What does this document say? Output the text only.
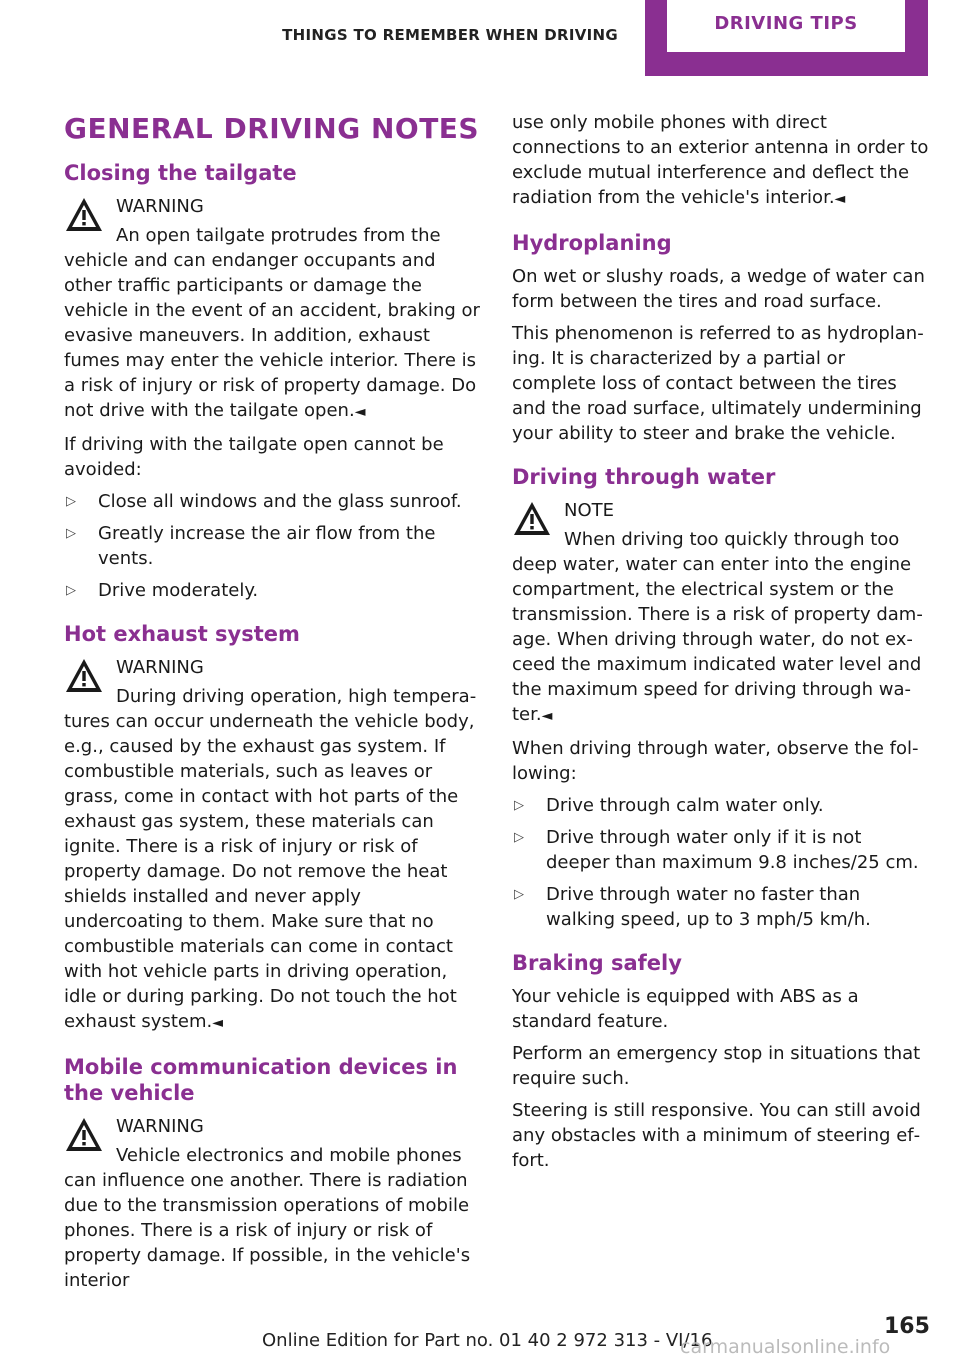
THINGS TO REMEMBER WHEN DRIVING
DRIVING TIPS
GENERAL DRIVING NOTES
Closing the tailgate
WARNING
An open tailgate protrudes from the vehicle and can endanger occupants and other traffic participants or damage the vehicle in the event of an accident, braking or evasive maneuvers. In addition, exhaust fumes may enter the vehicle interior. There is a risk of injury or risk of property damage. Do not drive with the tailgate open.◄

If driving with the tailgate open cannot be avoided:

▷ Close all windows and the glass sunroof.
▷ Greatly increase the air flow from the vents.
▷ Drive moderately.
Hot exhaust system
WARNING
During driving operation, high temperatures can occur underneath the vehicle body, e.g., caused by the exhaust gas system. If combustible materials, such as leaves or grass, come in contact with hot parts of the exhaust gas system, these materials can ignite. There is a risk of injury or risk of property damage. Do not remove the heat shields installed and never apply undercoating to them. Make sure that no combustible materials can come in contact with hot vehicle parts in driving operation, idle or during parking. Do not touch the hot exhaust system.◄
Mobile communication devices in the vehicle
WARNING
Vehicle electronics and mobile phones can influence one another. There is radiation due to the transmission operations of mobile phones. There is a risk of injury or risk of property damage. If possible, in the vehicle's interior

use only mobile phones with direct connections to an exterior antenna in order to exclude mutual interference and deflect the radiation from the vehicle's interior.◄

Hydroplaning

On wet or slushy roads, a wedge of water can form between the tires and road surface.

This phenomenon is referred to as hydroplaning. It is characterized by a partial or complete loss of contact between the tires and the road surface, ultimately undermining your ability to steer and brake the vehicle.

Driving through water
NOTE
When driving too quickly through too deep water, water can enter into the engine compartment, the electrical system or the transmission. There is a risk of property damage. When driving through water, do not exceed the maximum indicated water level and the maximum speed for driving through water.◄

When driving through water, observe the following:

▷ Drive through calm water only.
▷ Drive through water only if it is not deeper than maximum 9.8 inches/25 cm.
▷ Drive through water no faster than walking speed, up to 3 mph/5 km/h.
Braking safely

Your vehicle is equipped with ABS as a standard feature.

Perform an emergency stop in situations that require such.

Steering is still responsive. You can still avoid any obstacles with a minimum of steering effort.

Online Edition for Part no. 01 40 2 972 313 - VI/16
carmanualsonline.info
165
